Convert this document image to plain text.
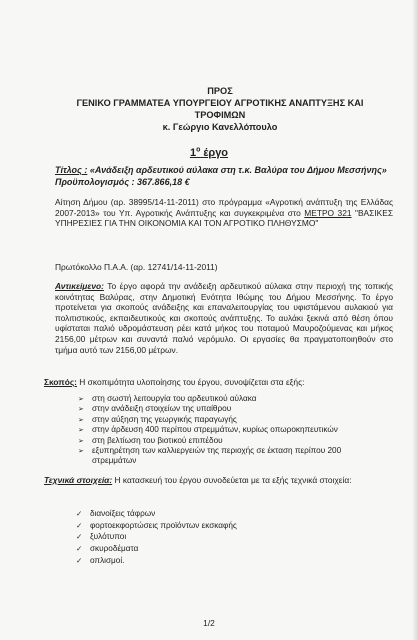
ΠΡΟΣ
ΓΕΝΙΚΟ ΓΡΑΜΜΑΤΕΑ ΥΠΟΥΡΓΕΙΟΥ ΑΓΡΟΤΙΚΗΣ ΑΝΑΠΤΥΞΗΣ ΚΑΙ
ΤΡΟΦΙΜΩΝ
κ. Γεώργιο Κανελλόπουλο
$1^o$ έργο
Τίτλος : «Ανάδειξη αρδευτικού αύλακα στη τ.κ. Βαλύρα του Δήμου Μεσσήνης» Προϋπολογισμός : 367.866,18 €
Αίτηση Δήμου (αρ. 38995/14-11-2011) στο πρόγραμμα «Αγροτική ανάπτυξη της Ελλάδας 2007-2013» του Υπ. Αγροτικής Ανάπτυξης και συγκεκριμένα στο ΜΕΤΡΟ 321 "ΒΑΣΙΚΕΣ ΥΠΗΡΕΣΙΕΣ ΓΙΑ ΤΗΝ ΟΙΚΟΝΟΜΙΑ ΚΑΙ ΤΟΝ ΑΓΡΟΤΙΚΟ ΠΛΗΘΥΣΜΟ"
Πρωτόκολλο Π.Α.Α. (αρ. 12741/14-11-2011)
Αντικείμενο: Το έργο αφορά την ανάδειξη αρδευτικού αύλακα στην περιοχή της τοπικής κοινότητας Βαλύρας, στην Δημοτική Ενότητα Ιθώμης του Δήμου Μεσσήνης. Το έργο προτείνεται για σκοπούς ανάδειξης και επαναλειτουργίας του υφιστάμενου αυλακιού για πολιτιστικούς, εκπαιδευτικούς και σκοπούς ανάπτυξης. Το αυλάκι ξεκινά από θέση όπου υφίσταται παλιό υδρομάστευση ρέει κατά μήκος του ποταμού Μαυροζούμενας και μήκος 2156,00 μέτρων και συναντά παλιό νερόμυλο. Οι εργασίες θα πραγματοποιηθούν στο τμήμα αυτό των 2156,00 μέτρων.
Σκοπός: Η σκοπιμότητα υλοποίησης του έργου, συνοψίζεται στα εξής:
➢ στη σωστή λειτουργία του αρδευτικού αύλακα
➢ στην ανάδειξη στοιχείων της υπαίθρου
➢ στην αύξηση της γεωργικής παραγωγής
➢ στην άρδευση 400 περίπου στρεμμάτων, κυρίως οπωροκηπευτικών
➢ στη βελτίωση του βιοτικού επιπέδου
➢ εξυπηρέτηση των καλλιεργειών της περιοχής σε έκταση περίπου 200 στρεμμάτων
Τεχνικά στοιχεία: Η κατασκευή του έργου συνοδεύεται με τα εξής τεχνικά στοιχεία:
✓ διανοίξεις τάφρων
✓ φορτοεκφορτώσεις προϊόντων εκσκαφής
✓ ξυλότυποι
✓ σκυροδέματα
✓ οπλισμοί.
1/2
